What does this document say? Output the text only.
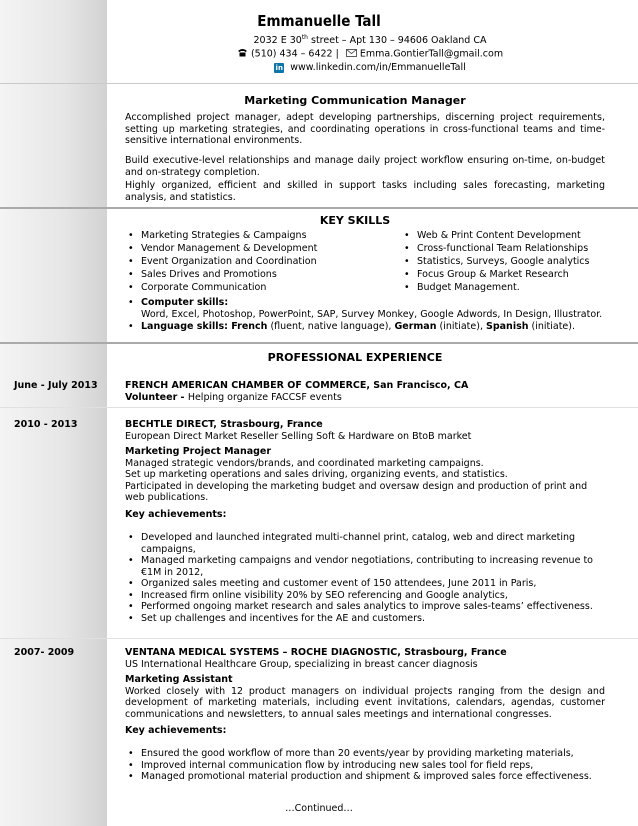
Emmanuelle Tall
2032 E 30th street – Apt 130 – 94606 Oakland CA
(510) 434 – 6422 | Emma.GontierTall@gmail.com
in www.linkedin.com/in/EmmanuelleTall
Marketing Communication Manager
Accomplished project manager, adept developing partnerships, discerning project requirements, setting up marketing strategies, and coordinating operations in cross-functional teams and time-sensitive international environments.
Build executive-level relationships and manage daily project workflow ensuring on-time, on-budget and on-strategy completion.
Highly organized, efficient and skilled in support tasks including sales forecasting, marketing analysis, and statistics.
KEY SKILLS
• Marketing Strategies & Campaigns
• Vendor Management & Development
• Event Organization and Coordination
• Sales Drives and Promotions
• Corporate Communication
• Web & Print Content Development
• Cross-functional Team Relationships
• Statistics, Surveys, Google analytics
• Focus Group & Market Research
• Budget Management.
• Computer skills:
Word, Excel, Photoshop, PowerPoint, SAP, Survey Monkey, Google Adwords, In Design, Illustrator.
• Language skills: French (fluent, native language), German (initiate), Spanish (initiate).
PROFESSIONAL EXPERIENCE
June - July 2013	FRENCH AMERICAN CHAMBER OF COMMERCE, San Francisco, CA
Volunteer - Helping organize FACCSF events
2010 - 2013	BECHTLE DIRECT, Strasbourg, France
European Direct Market Reseller Selling Soft & Hardware on BtoB market
Marketing Project Manager
Managed strategic vendors/brands, and coordinated marketing campaigns.
Set up marketing operations and sales driving, organizing events, and statistics.
Participated in developing the marketing budget and oversaw design and production of print and web publications.
Key achievements:
• Developed and launched integrated multi-channel print, catalog, web and direct marketing campaigns,
• Managed marketing campaigns and vendor negotiations, contributing to increasing revenue to €1M in 2012,
• Organized sales meeting and customer event of 150 attendees, June 2011 in Paris,
• Increased firm online visibility 20% by SEO referencing and Google analytics,
• Performed ongoing market research and sales analytics to improve sales-teams’ effectiveness.
• Set up challenges and incentives for the AE and customers.
2007- 2009	VENTANA MEDICAL SYSTEMS – ROCHE DIAGNOSTIC, Strasbourg, France
US International Healthcare Group, specializing in breast cancer diagnosis
Marketing Assistant
Worked closely with 12 product managers on individual projects ranging from the design and development of marketing materials, including event invitations, calendars, agendas, customer communications and newsletters, to annual sales meetings and international congresses.
Key achievements:
• Ensured the good workflow of more than 20 events/year by providing marketing materials,
• Improved internal communication flow by introducing new sales tool for field reps,
• Managed promotional material production and shipment & improved sales force effectiveness.
…Continued…
